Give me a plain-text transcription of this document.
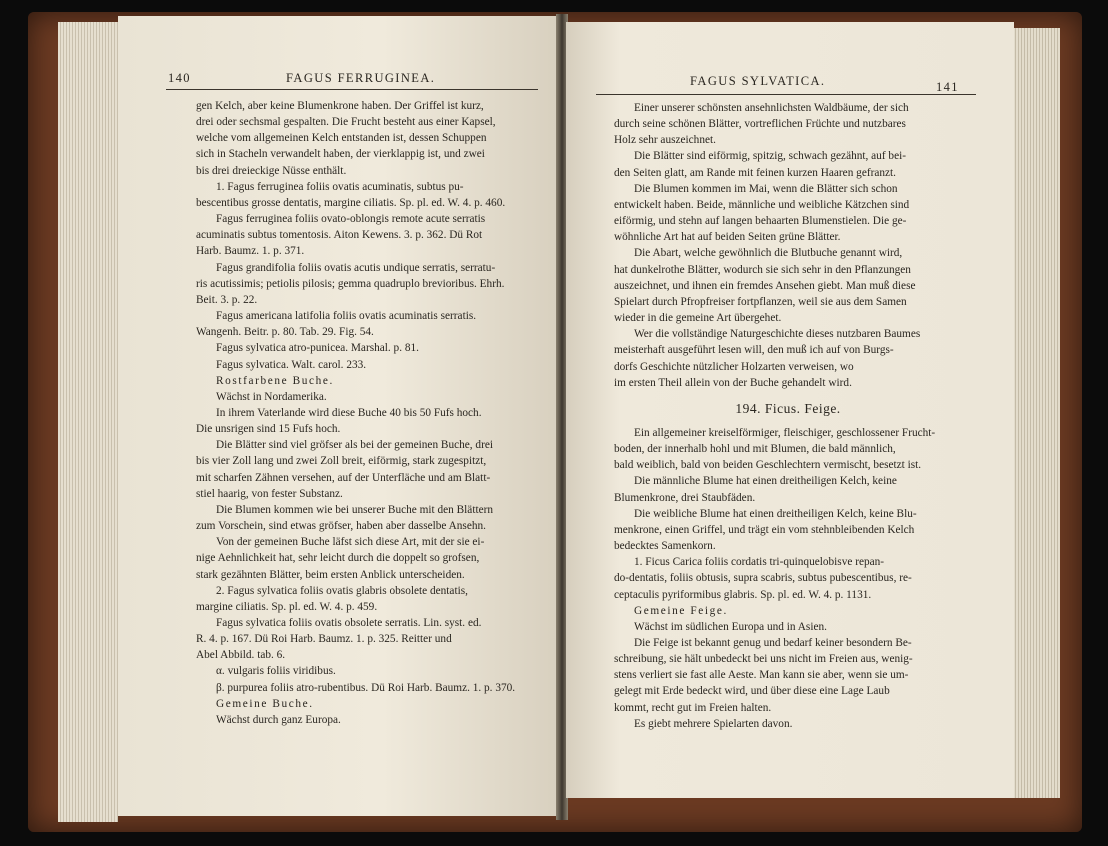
140	FAGUS FERRUGINEA.

gen Kelch, aber keine Blumenkrone haben. Der Griffel ist kurz,

drei oder sechsmal gespalten. Die Frucht besteht aus einer Kapsel,

welche vom allgemeinen Kelch entstanden ist, dessen Schuppen

sich in Stacheln verwandelt haben, der vierklappig ist, und zwei

bis drei dreieckige Nüsse enthält.

1. Fagus ferruginea foliis ovatis acuminatis, subtus pu-

bescentibus grosse dentatis, margine ciliatis. Sp. pl. ed. W. 4. p. 460.

Fagus ferruginea foliis ovato-oblongis remote acute serratis

acuminatis subtus tomentosis. Aiton Kewens. 3. p. 362. Dü Rot

Harb. Baumz. 1. p. 371.

Fagus grandifolia foliis ovatis acutis undique serratis, serratu-

ris acutissimis; petiolis pilosis; gemma quadruplo brevioribus. Ehrh.

Beit. 3. p. 22.

Fagus americana latifolia foliis ovatis acuminatis serratis.

Wangenh. Beitr. p. 80. Tab. 29. Fig. 54.

Fagus sylvatica atro-punicea. Marshal. p. 81.

Fagus sylvatica. Walt. carol. 233.

Rostfarbene Buche.

Wächst in Nordamerika.

In ihrem Vaterlande wird diese Buche 40 bis 50 Fufs hoch.

Die unsrigen sind 15 Fufs hoch.

Die Blätter sind viel gröfser als bei der gemeinen Buche, drei

bis vier Zoll lang und zwei Zoll breit, eiförmig, stark zugespitzt,

mit scharfen Zähnen versehen, auf der Unterfläche und am Blatt-

stiel haarig, von fester Substanz.

Die Blumen kommen wie bei unserer Buche mit den Blättern

zum Vorschein, sind etwas gröfser, haben aber dasselbe Ansehn.

Von der gemeinen Buche läfst sich diese Art, mit der sie ei-

nige Aehnlichkeit hat, sehr leicht durch die doppelt so grofsen,

stark gezähnten Blätter, beim ersten Anblick unterscheiden.

2. Fagus sylvatica foliis ovatis glabris obsolete dentatis,

margine ciliatis. Sp. pl. ed. W. 4. p. 459.

Fagus sylvatica foliis ovatis obsolete serratis. Lin. syst. ed.

R. 4. p. 167. Dü Roi Harb. Baumz. 1. p. 325. Reitter und

Abel Abbild. tab. 6.

α. vulgaris foliis viridibus.

β. purpurea foliis atro-rubentibus. Dü Roi Harb. Baumz. 1. p. 370.

Gemeine Buche.

Wächst durch ganz Europa.

FAGUS SYLVATICA.	141

Einer unserer schönsten ansehnlichsten Waldbäume, der sich

durch seine schönen Blätter, vortreflichen Früchte und nutzbares

Holz sehr auszeichnet.

Die Blätter sind eiförmig, spitzig, schwach gezähnt, auf bei-

den Seiten glatt, am Rande mit feinen kurzen Haaren gefranzt.

Die Blumen kommen im Mai, wenn die Blätter sich schon

entwickelt haben. Beide, männliche und weibliche Kätzchen sind

eiförmig, und stehn auf langen behaarten Blumenstielen. Die ge-

wöhnliche Art hat auf beiden Seiten grüne Blätter.

Die Abart, welche gewöhnlich die Blutbuche genannt wird,

hat dunkelrothe Blätter, wodurch sie sich sehr in den Pflanzungen

auszeichnet, und ihnen ein fremdes Ansehen giebt. Man muß diese

Spielart durch Pfropfreiser fortpflanzen, weil sie aus dem Samen

wieder in die gemeine Art übergehet.

Wer die vollständige Naturgeschichte dieses nutzbaren Baumes

meisterhaft ausgeführt lesen will, den muß ich auf von Burgs-

dorfs Geschichte nützlicher Holzarten verweisen, wo

im ersten Theil allein von der Buche gehandelt wird.

194. Ficus. Feige.

Ein allgemeiner kreiselförmiger, fleischiger, geschlossener Frucht-

boden, der innerhalb hohl und mit Blumen, die bald männlich,

bald weiblich, bald von beiden Geschlechtern vermischt, besetzt ist.

Die männliche Blume hat einen dreitheiligen Kelch, keine

Blumenkrone, drei Staubfäden.

Die weibliche Blume hat einen dreitheiligen Kelch, keine Blu-

menkrone, einen Griffel, und trägt ein vom stehnbleibenden Kelch

bedecktes Samenkorn.

1. Ficus Carica foliis cordatis tri-quinquelobisve repan-

do-dentatis, foliis obtusis, supra scabris, subtus pubescentibus, re-

ceptaculis pyriformibus glabris. Sp. pl. ed. W. 4. p. 1131.

Gemeine Feige.

Wächst im südlichen Europa und in Asien.

Die Feige ist bekannt genug und bedarf keiner besondern Be-

schreibung, sie hält unbedeckt bei uns nicht im Freien aus, wenig-

stens verliert sie fast alle Aeste. Man kann sie aber, wenn sie um-

gelegt mit Erde bedeckt wird, und über diese eine Lage Laub

kommt, recht gut im Freien halten.

Es giebt mehrere Spielarten davon.
